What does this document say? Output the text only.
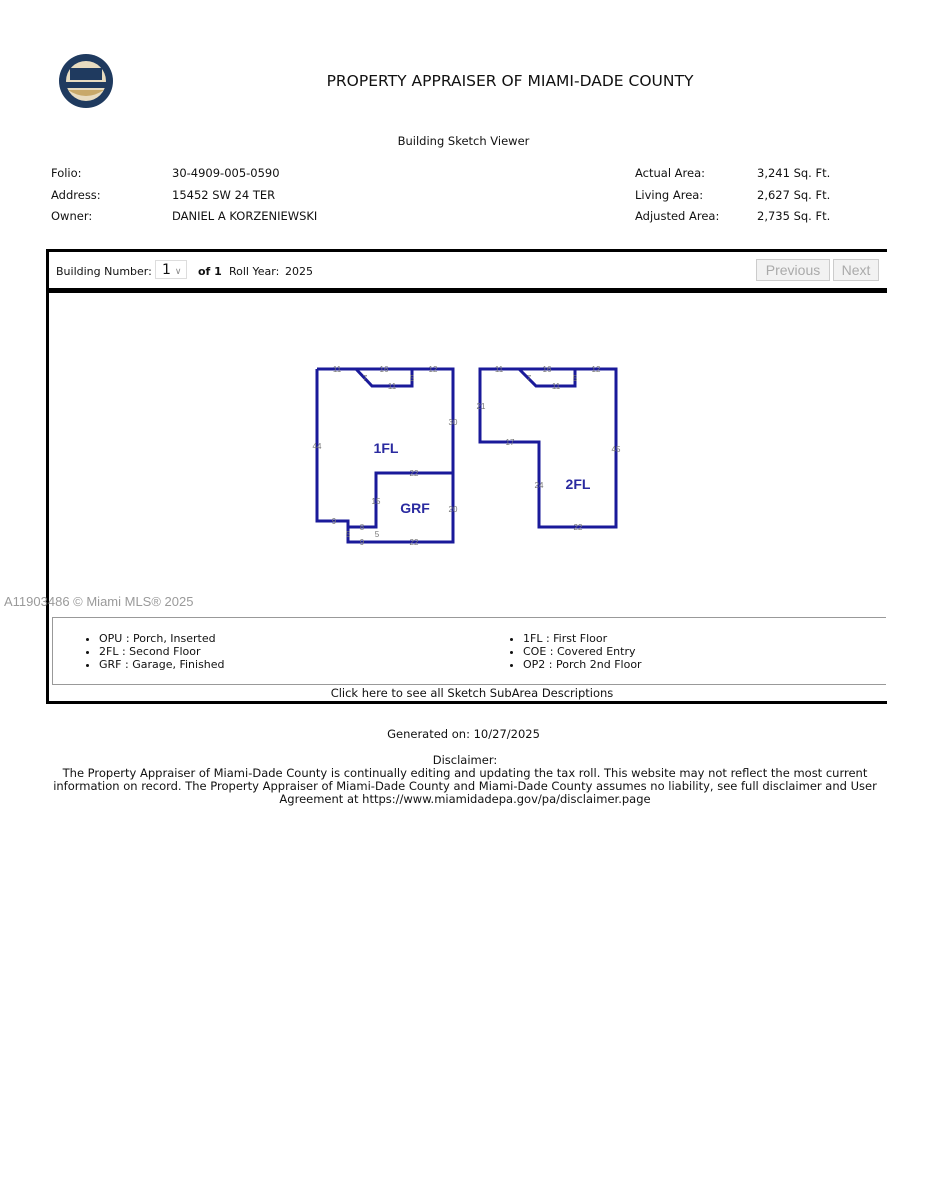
PROPERTY APPRAISER OF MIAMI-DADE COUNTY
Building Sketch Viewer
Folio:	30-4909-005-0590
Address:	15452 SW 24 TER
Owner:	DANIEL A KORZENIEWSKI
Actual Area:	3,241 Sq. Ft.
Living Area:	2,627 Sq. Ft.
Adjusted Area:	2,735 Sq. Ft.
Building Number: 1 ∨	of 1 Roll Year: 2025	Previous	Next
• OPU : Porch, Inserted
• 2FL : Second Floor
• GRF : Garage, Finished
• 1FL : First Floor
• COE : Covered Entry
• OP2 : Porch 2nd Floor
Click here to see all Sketch SubArea Descriptions
11	16	12
7	5
11
30
44
22
15
20
9
8
5	5
9	22
11	16	12
7	5
11
21
17
45
24
22
1FL
GRF
2FL
A11903486 © Miami MLS® 2025
Generated on: 10/27/2025
Disclaimer:
The Property Appraiser of Miami-Dade County is continually editing and updating the tax roll. This website may not reflect the most current information on record. The Property Appraiser of Miami-Dade County and Miami-Dade County assumes no liability, see full disclaimer and User Agreement at https://www.miamidadepa.gov/pa/disclaimer.page
